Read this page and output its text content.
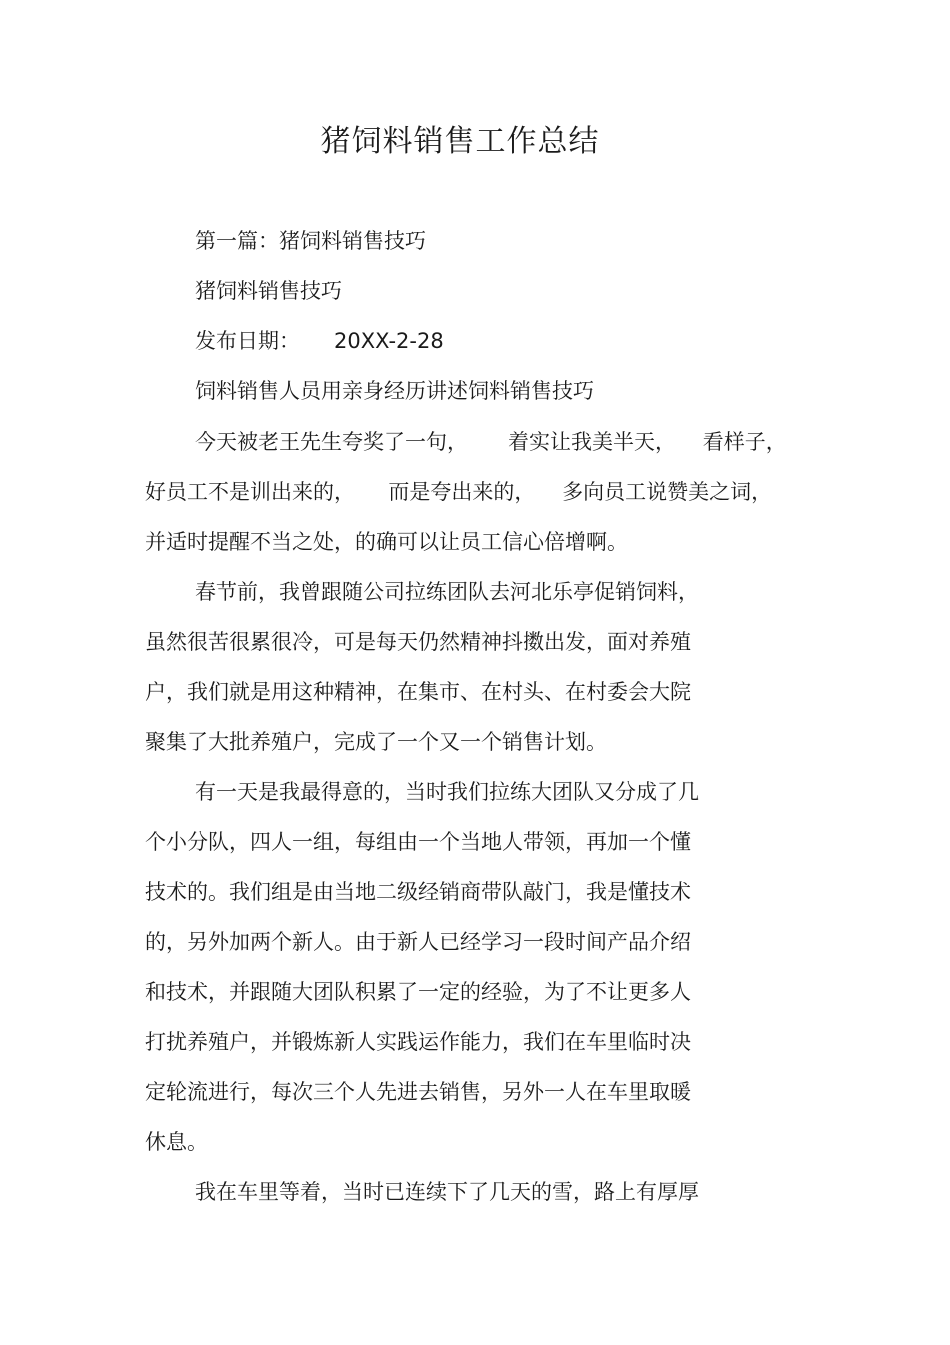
猪饲料销售工作总结
第一篇：猪饲料销售技巧
猪饲料销售技巧
发布日期： 20XX-2-28
饲料销售人员用亲身经历讲述饲料销售技巧
今天被老王先生夸奖了一句，      着实让我美半天，    看样子，
好员工不是训出来的，     而是夸出来的，    多向员工说赞美之词，
并适时提醒不当之处，的确可以让员工信心倍增啊。
春节前，我曾跟随公司拉练团队去河北乐亭促销饲料，
虽然很苦很累很冷，可是每天仍然精神抖擞出发，面对养殖
户，我们就是用这种精神，在集市、在村头、在村委会大院
聚集了大批养殖户，完成了一个又一个销售计划。
有一天是我最得意的，当时我们拉练大团队又分成了几
个小分队，四人一组，每组由一个当地人带领，再加一个懂
技术的。我们组是由当地二级经销商带队敲门，我是懂技术
的，另外加两个新人。由于新人已经学习一段时间产品介绍
和技术，并跟随大团队积累了一定的经验，为了不让更多人
打扰养殖户，并锻炼新人实践运作能力，我们在车里临时决
定轮流进行，每次三个人先进去销售，另外一人在车里取暖
休息。
我在车里等着，当时已连续下了几天的雪，路上有厚厚
